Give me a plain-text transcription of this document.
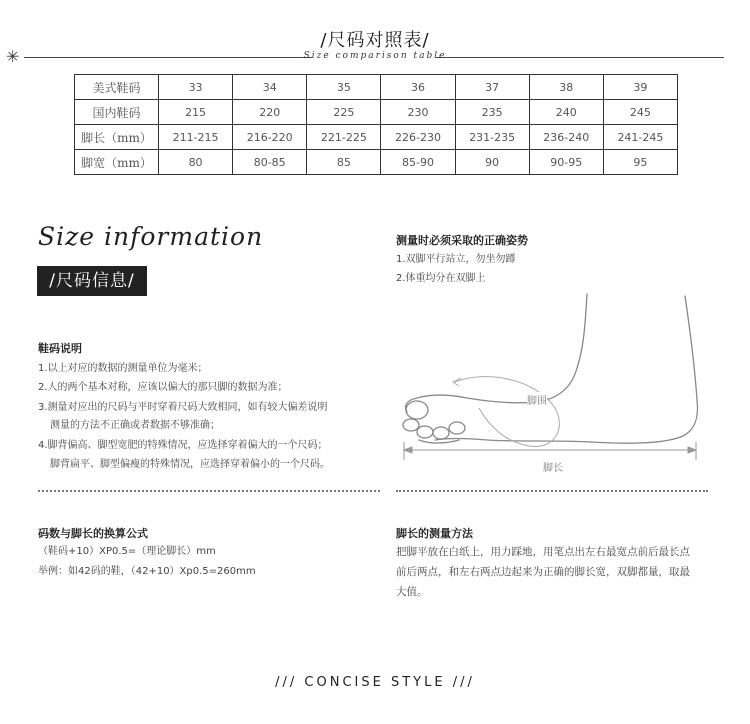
/尺码对照表/
✳	Size comparison table
美式鞋码	33	34	35	36	37	38	39
国内鞋码	215	220	225	230	235	240	245
脚长（mm）	211-215	216-220	221-225	226-230	231-235	236-240	241-245
脚宽（mm）	80	80-85	85	85-90	90	90-95	95
Size information
/尺码信息/
测量时必须采取的正确姿势
1.双脚平行站立，勿坐勿蹲
2.体重均分在双脚上
脚围
脚长
鞋码说明
1.以上对应的数据的测量单位为毫米；
2.人的两个基本对称，应该以偏大的那只脚的数据为准；
3.测量对应出的尺码与平时穿着尺码大致相同，如有较大偏差说明
测量的方法不正确或者数据不够准确；
4.脚背偏高、脚型宽肥的特殊情况，应选择穿着偏大的一个尺码；
脚背扁平、脚型偏瘦的特殊情况，应选择穿着偏小的一个尺码。
码数与脚长的换算公式
（鞋码+10）XP0.5=（理论脚长）mm
举例：如42码的鞋，（42+10）Xp0.5=260mm
脚长的测量方法
把脚平放在白纸上，用力踩地，用笔点出左右最宽点前后最长点
前后两点，和左右两点边起来为正确的脚长宽，双脚都量，取最
大值。
/// CONCISE STYLE ///
